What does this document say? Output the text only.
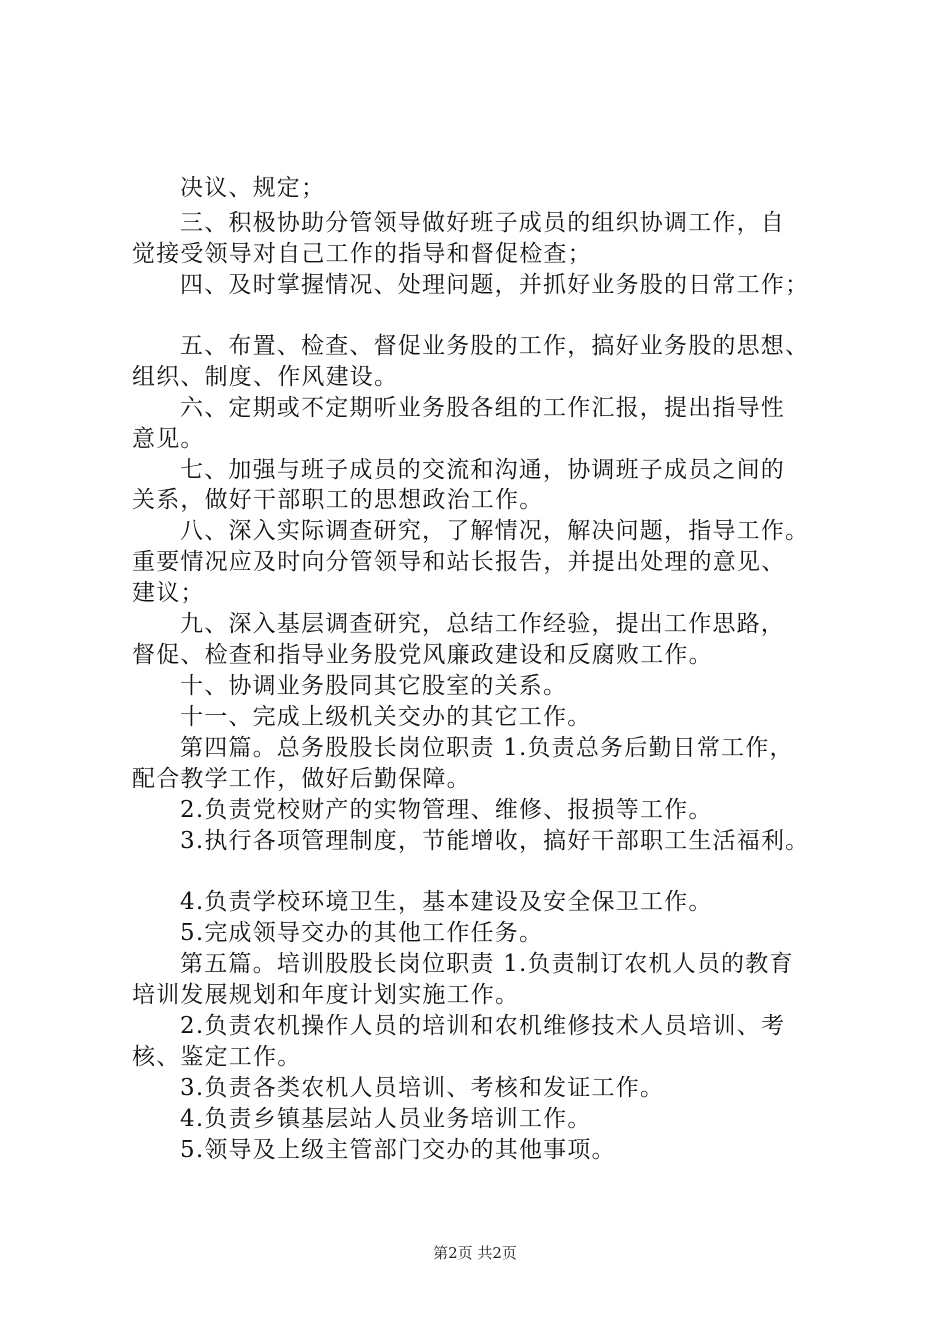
决议、规定；
三、积极协助分管领导做好班子成员的组织协调工作，自
觉接受领导对自己工作的指导和督促检查；
四、及时掌握情况、处理问题，并抓好业务股的日常工作；
五、布置、检查、督促业务股的工作，搞好业务股的思想、
组织、制度、作风建设。
六、定期或不定期听业务股各组的工作汇报，提出指导性
意见。
七、加强与班子成员的交流和沟通，协调班子成员之间的
关系，做好干部职工的思想政治工作。
八、深入实际调查研究，了解情况，解决问题，指导工作。
重要情况应及时向分管领导和站长报告，并提出处理的意见、
建议；
九、深入基层调查研究，总结工作经验，提出工作思路，
督促、检查和指导业务股党风廉政建设和反腐败工作。
十、协调业务股同其它股室的关系。
十一、完成上级机关交办的其它工作。
第四篇。总务股股长岗位职责 1.负责总务后勤日常工作，
配合教学工作，做好后勤保障。
2.负责党校财产的实物管理、维修、报损等工作。
3.执行各项管理制度，节能增收，搞好干部职工生活福利。
4.负责学校环境卫生，基本建设及安全保卫工作。
5.完成领导交办的其他工作任务。
第五篇。培训股股长岗位职责 1.负责制订农机人员的教育
培训发展规划和年度计划实施工作。
2.负责农机操作人员的培训和农机维修技术人员培训、考
核、鉴定工作。
3.负责各类农机人员培训、考核和发证工作。
4.负责乡镇基层站人员业务培训工作。
5.领导及上级主管部门交办的其他事项。
第2页 共2页
